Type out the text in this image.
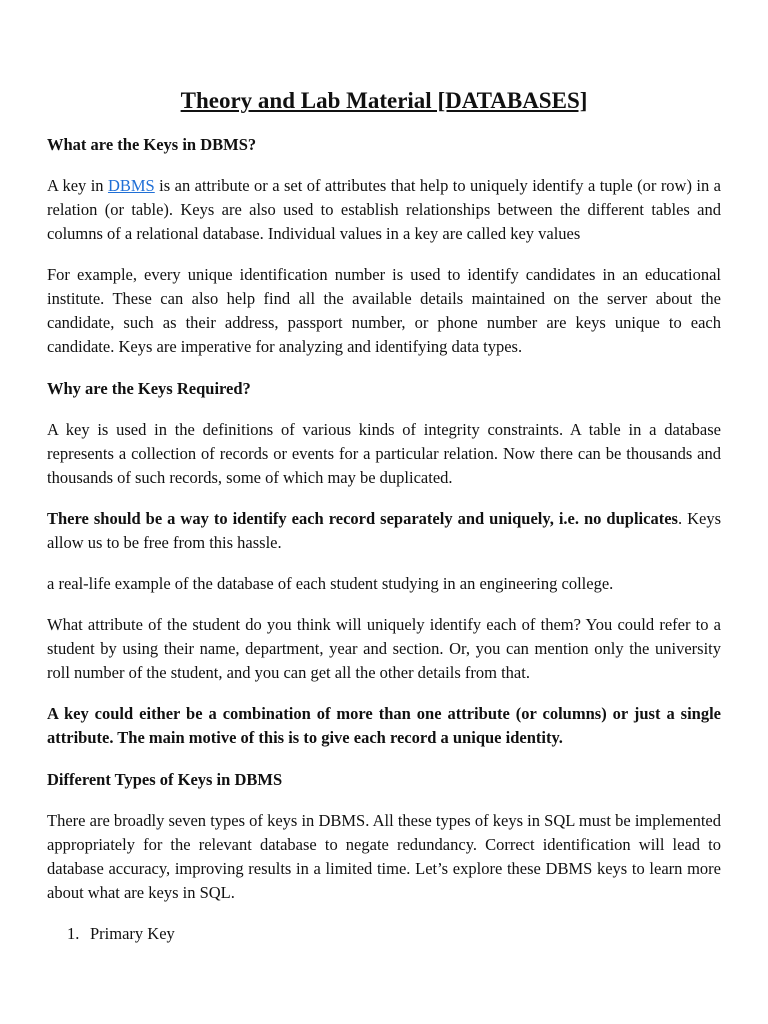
Theory and Lab Material [DATABASES]
What are the Keys in DBMS?

A key in DBMS is an attribute or a set of attributes that help to uniquely identify a tuple (or row) in a relation (or table). Keys are also used to establish relationships between the different tables and columns of a relational database. Individual values in a key are called key values

For example, every unique identification number is used to identify candidates in an educational institute. These can also help find all the available details maintained on the server about the candidate, such as their address, passport number, or phone number are keys unique to each candidate. Keys are imperative for analyzing and identifying data types.

Why are the Keys Required?

A key is used in the definitions of various kinds of integrity constraints. A table in a database represents a collection of records or events for a particular relation. Now there can be thousands and thousands of such records, some of which may be duplicated.

There should be a way to identify each record separately and uniquely, i.e. no duplicates. Keys allow us to be free from this hassle.

a real-life example of the database of each student studying in an engineering college.

What attribute of the student do you think will uniquely identify each of them? You could refer to a student by using their name, department, year and section. Or, you can mention only the university roll number of the student, and you can get all the other details from that.

A key could either be a combination of more than one attribute (or columns) or just a single attribute. The main motive of this is to give each record a unique identity.

Different Types of Keys in DBMS

There are broadly seven types of keys in DBMS. All these types of keys in SQL must be implemented appropriately for the relevant database to negate redundancy. Correct identification will lead to database accuracy, improving results in a limited time. Let’s explore these DBMS keys to learn more about what are keys in SQL.

1. Primary Key
